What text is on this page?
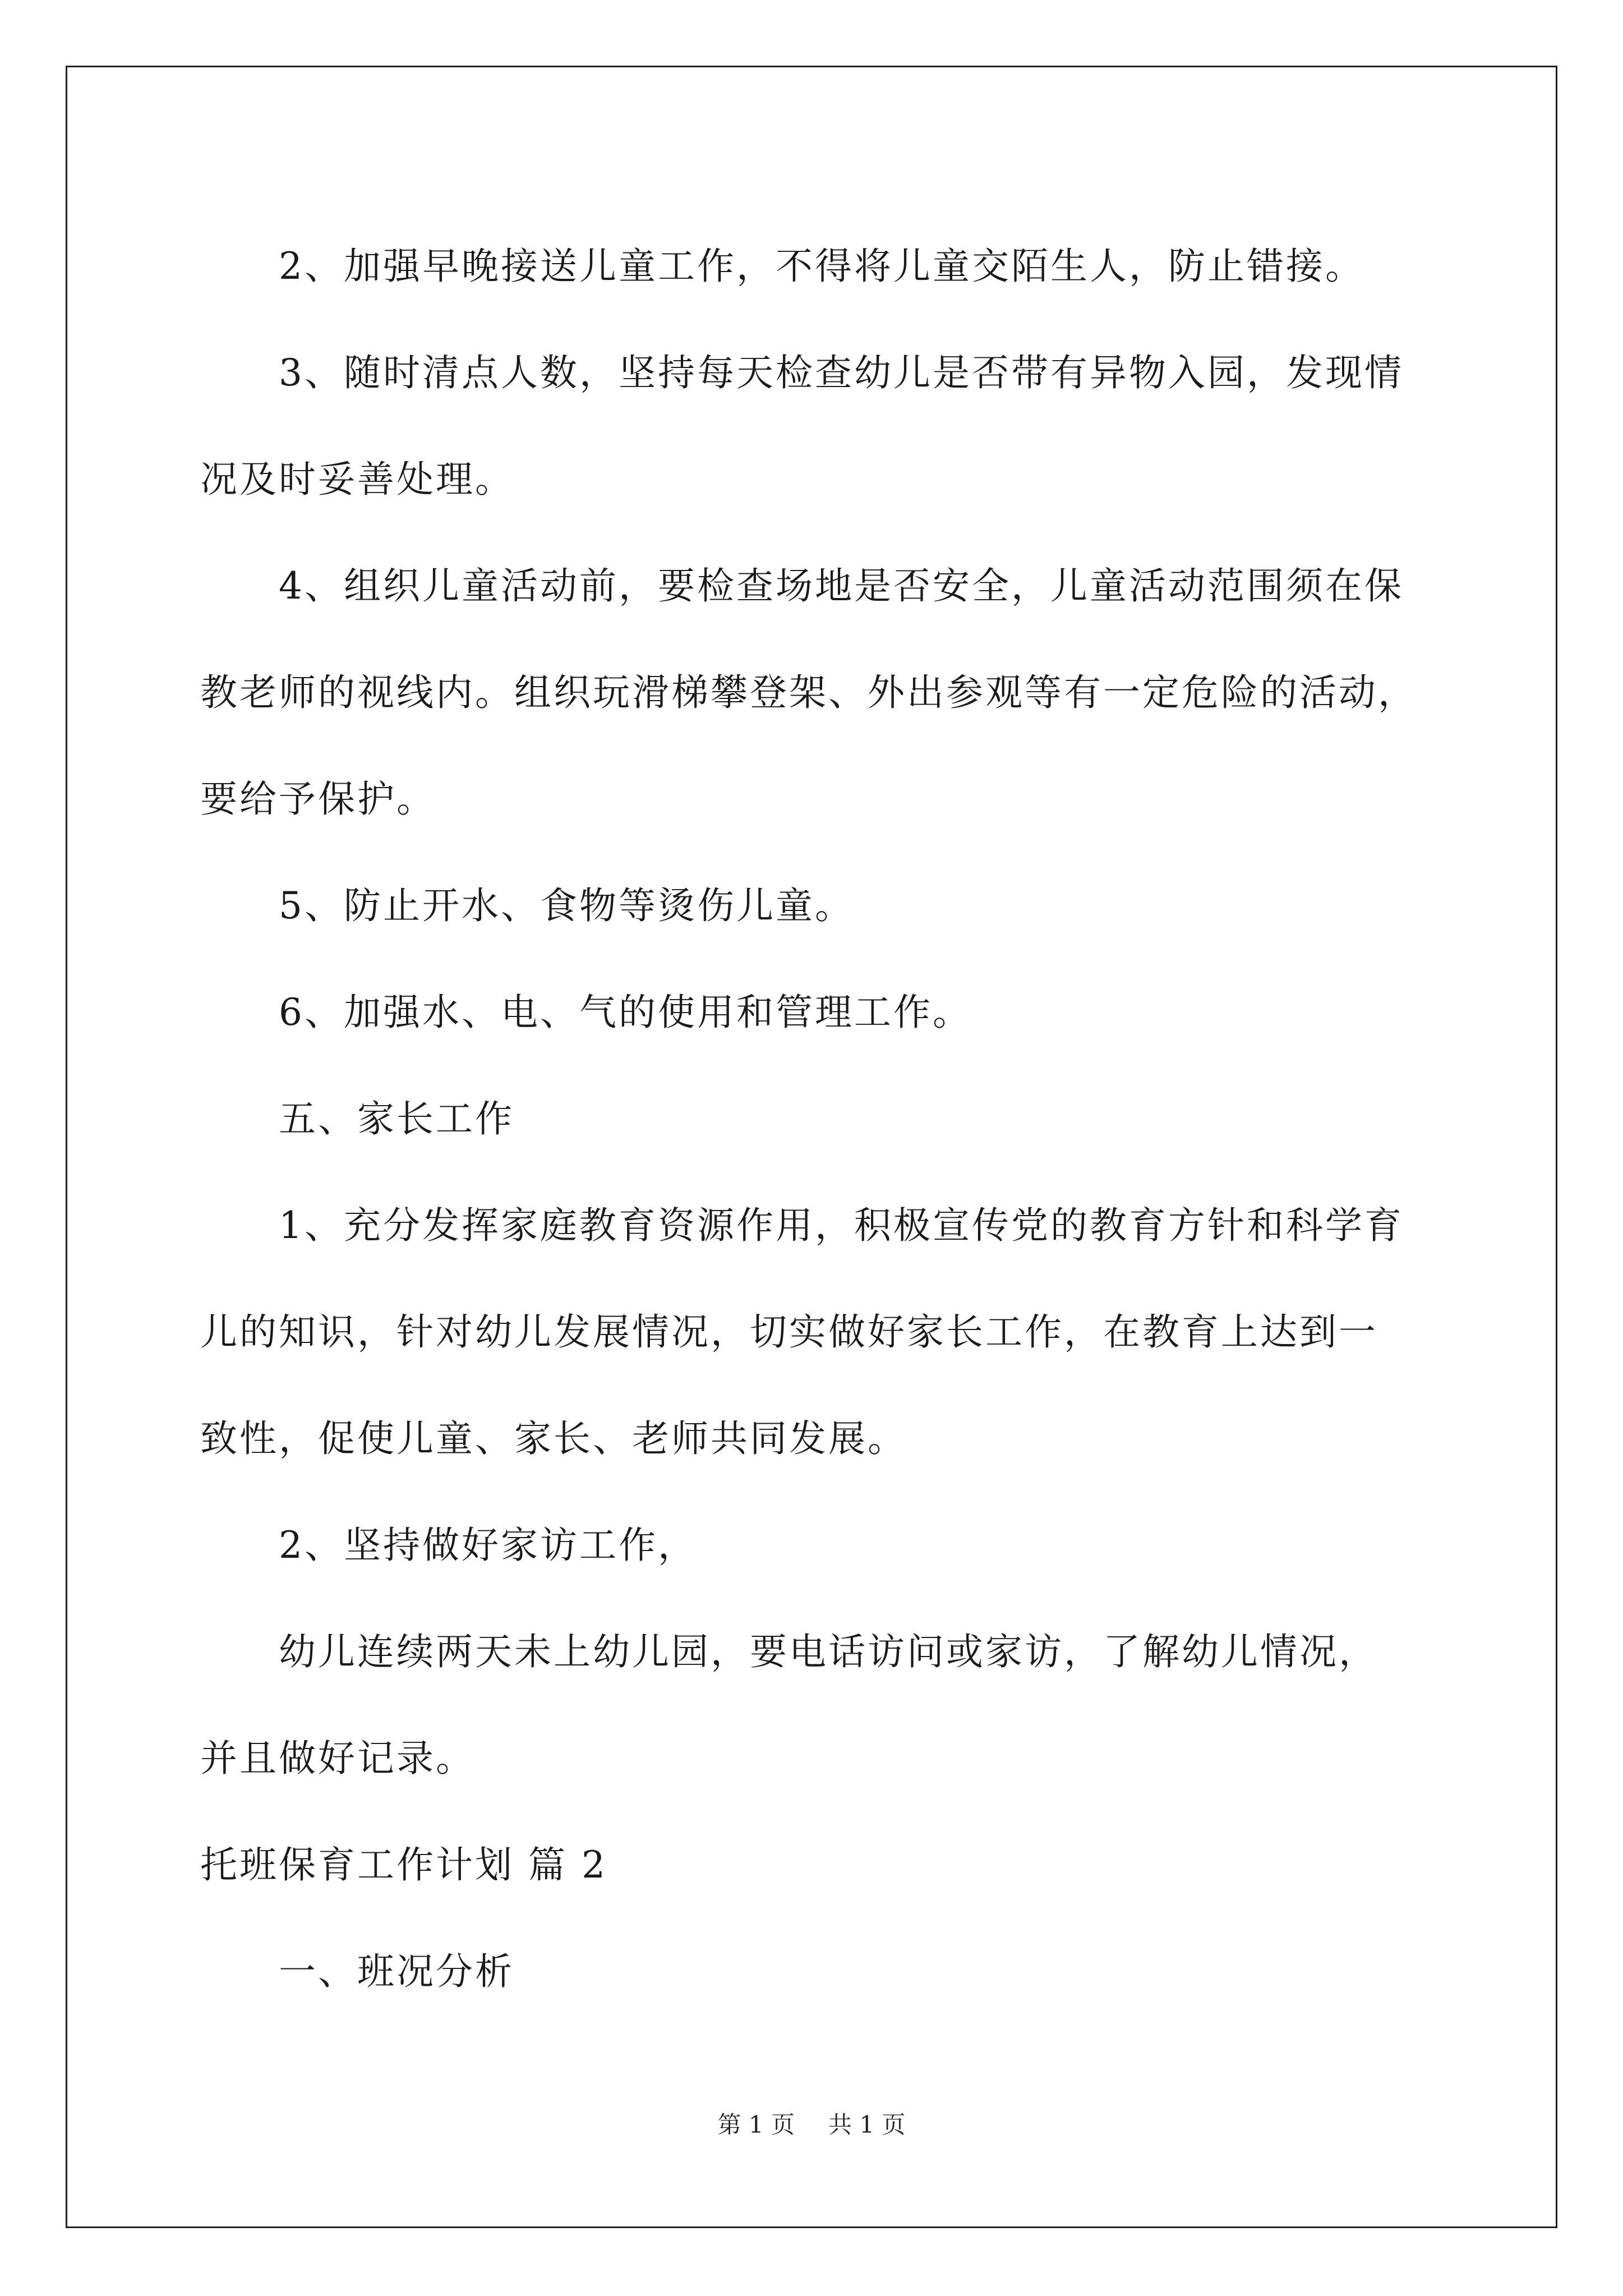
2、加强早晚接送儿童工作，不得将儿童交陌生人，防止错接。

3、随时清点人数，坚持每天检查幼儿是否带有异物入园，发现情

况及时妥善处理。

4、组织儿童活动前，要检查场地是否安全，儿童活动范围须在保

教老师的视线内。组织玩滑梯攀登架、外出参观等有一定危险的活动，

要给予保护。

5、防止开水、食物等烫伤儿童。

6、加强水、电、气的使用和管理工作。

五、家长工作

1、充分发挥家庭教育资源作用，积极宣传党的教育方针和科学育

儿的知识，针对幼儿发展情况，切实做好家长工作，在教育上达到一

致性，促使儿童、家长、老师共同发展。

2、坚持做好家访工作，

幼儿连续两天未上幼儿园，要电话访问或家访，了解幼儿情况，

并且做好记录。

托班保育工作计划 篇 2

一、班况分析

第 1 页 共 1 页
